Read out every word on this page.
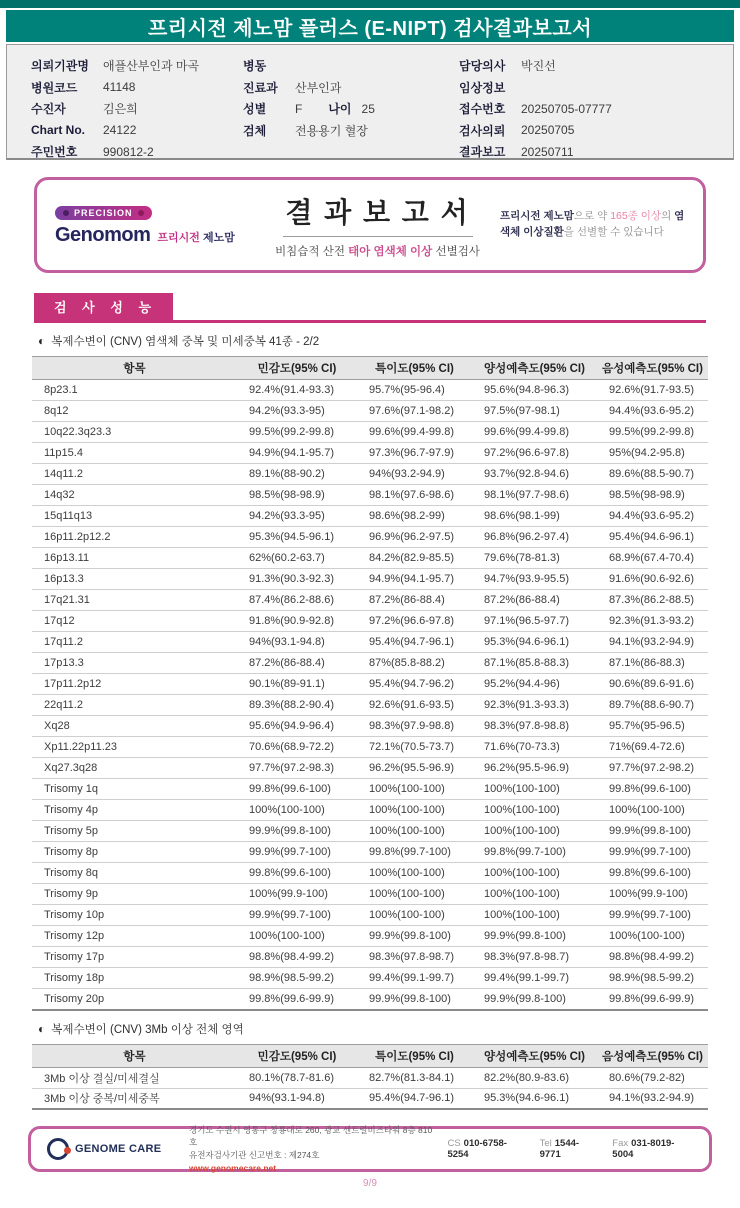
프리시전 제노맘 플러스 (E-NIPT) 검사결과보고서
의뢰기관명	애플산부인과 마곡
병원코드	41148
수진자	김은희
Chart No.	24122
주민번호	990812-2
병동
진료과	산부인과
성별	F 나이 25
검체	전용용기 혈장
담당의사	박진선
임상정보
접수번호	20250705-07777
검사의뢰	20250705
결과보고	20250711
PRECISION
Genomom 프리시전 제노맘
결 과 보 고 서
비침습적 산전 태아 염색체 이상 선별검사
프리시전 제노맘으로 약 165종 이상의 염색체 이상질환을 선별할 수 있습니다
검 사 성 능
◐ 복제수변이 (CNV) 염색체 중복 및 미세중복 41종 - 2/2
항목	민감도(95% CI)	특이도(95% CI)	양성예측도(95% CI)	음성예측도(95% CI)
8p23.1	92.4%(91.4-93.3)	95.7%(95-96.4)	95.6%(94.8-96.3)	92.6%(91.7-93.5)
8q12	94.2%(93.3-95)	97.6%(97.1-98.2)	97.5%(97-98.1)	94.4%(93.6-95.2)
10q22.3q23.3	99.5%(99.2-99.8)	99.6%(99.4-99.8)	99.6%(99.4-99.8)	99.5%(99.2-99.8)
11p15.4	94.9%(94.1-95.7)	97.3%(96.7-97.9)	97.2%(96.6-97.8)	95%(94.2-95.8)
14q11.2	89.1%(88-90.2)	94%(93.2-94.9)	93.7%(92.8-94.6)	89.6%(88.5-90.7)
14q32	98.5%(98-98.9)	98.1%(97.6-98.6)	98.1%(97.7-98.6)	98.5%(98-98.9)
15q11q13	94.2%(93.3-95)	98.6%(98.2-99)	98.6%(98.1-99)	94.4%(93.6-95.2)
16p11.2p12.2	95.3%(94.5-96.1)	96.9%(96.2-97.5)	96.8%(96.2-97.4)	95.4%(94.6-96.1)
16p13.11	62%(60.2-63.7)	84.2%(82.9-85.5)	79.6%(78-81.3)	68.9%(67.4-70.4)
16p13.3	91.3%(90.3-92.3)	94.9%(94.1-95.7)	94.7%(93.9-95.5)	91.6%(90.6-92.6)
17q21.31	87.4%(86.2-88.6)	87.2%(86-88.4)	87.2%(86-88.4)	87.3%(86.2-88.5)
17q12	91.8%(90.9-92.8)	97.2%(96.6-97.8)	97.1%(96.5-97.7)	92.3%(91.3-93.2)
17q11.2	94%(93.1-94.8)	95.4%(94.7-96.1)	95.3%(94.6-96.1)	94.1%(93.2-94.9)
17p13.3	87.2%(86-88.4)	87%(85.8-88.2)	87.1%(85.8-88.3)	87.1%(86-88.3)
17p11.2p12	90.1%(89-91.1)	95.4%(94.7-96.2)	95.2%(94.4-96)	90.6%(89.6-91.6)
22q11.2	89.3%(88.2-90.4)	92.6%(91.6-93.5)	92.3%(91.3-93.3)	89.7%(88.6-90.7)
Xq28	95.6%(94.9-96.4)	98.3%(97.9-98.8)	98.3%(97.8-98.8)	95.7%(95-96.5)
Xp11.22p11.23	70.6%(68.9-72.2)	72.1%(70.5-73.7)	71.6%(70-73.3)	71%(69.4-72.6)
Xq27.3q28	97.7%(97.2-98.3)	96.2%(95.5-96.9)	96.2%(95.5-96.9)	97.7%(97.2-98.2)
Trisomy 1q	99.8%(99.6-100)	100%(100-100)	100%(100-100)	99.8%(99.6-100)
Trisomy 4p	100%(100-100)	100%(100-100)	100%(100-100)	100%(100-100)
Trisomy 5p	99.9%(99.8-100)	100%(100-100)	100%(100-100)	99.9%(99.8-100)
Trisomy 8p	99.9%(99.7-100)	99.8%(99.7-100)	99.8%(99.7-100)	99.9%(99.7-100)
Trisomy 8q	99.8%(99.6-100)	100%(100-100)	100%(100-100)	99.8%(99.6-100)
Trisomy 9p	100%(99.9-100)	100%(100-100)	100%(100-100)	100%(99.9-100)
Trisomy 10p	99.9%(99.7-100)	100%(100-100)	100%(100-100)	99.9%(99.7-100)
Trisomy 12p	100%(100-100)	99.9%(99.8-100)	99.9%(99.8-100)	100%(100-100)
Trisomy 17p	98.8%(98.4-99.2)	98.3%(97.8-98.7)	98.3%(97.8-98.7)	98.8%(98.4-99.2)
Trisomy 18p	98.9%(98.5-99.2)	99.4%(99.1-99.7)	99.4%(99.1-99.7)	98.9%(98.5-99.2)
Trisomy 20p	99.8%(99.6-99.9)	99.9%(99.8-100)	99.9%(99.8-100)	99.8%(99.6-99.9)
◐ 복제수변이 (CNV) 3Mb 이상 전체 영역
항목	민감도(95% CI)	특이도(95% CI)	양성예측도(95% CI)	음성예측도(95% CI)
3Mb 이상 결실/미세결실	80.1%(78.7-81.6)	82.7%(81.3-84.1)	82.2%(80.9-83.6)	80.6%(79.2-82)
3Mb 이상 중복/미세중복	94%(93.1-94.8)	95.4%(94.7-96.1)	95.3%(94.6-96.1)	94.1%(93.2-94.9)
GENOME CARE
경기도 수원시 영통구 창룡대로 260, 광교 센트럴비즈타워 8층 810호
유전자검사기관 신고번호 : 제274호
www.genomecare.net
CS 010-6758-5254
Tel 1544-9771
Fax 031-8019-5004
9/9
